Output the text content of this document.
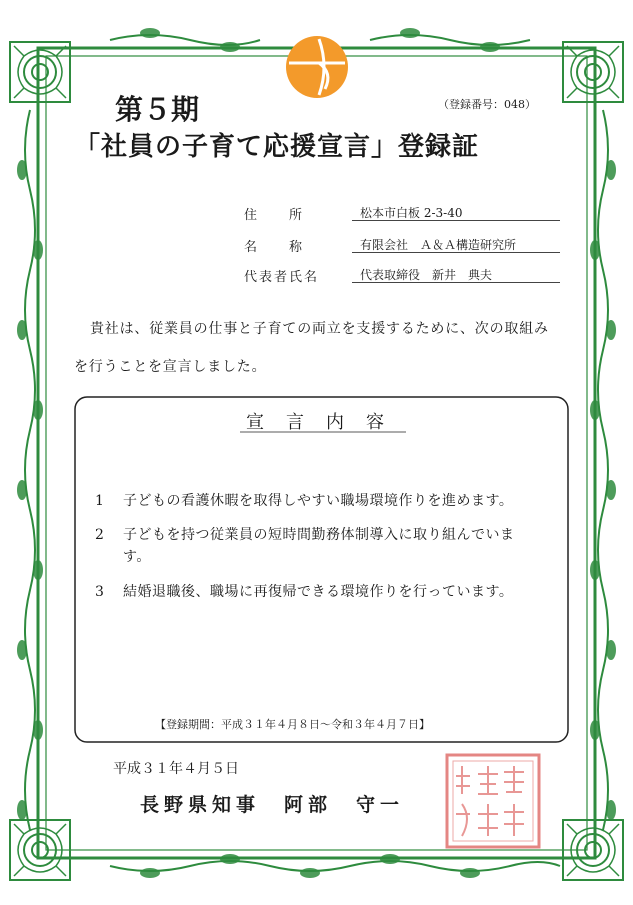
第５期	（登録番号：048）
「社員の子育て応援宣言」登録証
住　　所	松本市白板 2-3-40
名　　称	有限会社　Ａ＆Ａ構造研究所
代表者氏名	代表取締役　新井　典夫
貴社は、従業員の仕事と子育ての両立を支援するために、次の取組み
を行うことを宣言しました。
宣　言　内　容
1 子どもの看護休暇を取得しやすい職場環境作りを進めます。
2 子どもを持つ従業員の短時間勤務体制導入に取り組んでいま
す。
3 結婚退職後、職場に再復帰できる環境作りを行っています。
【登録期間：平成３１年４月８日～令和３年４月７日】
平成３１年４月５日
長野県知事　阿部　守一
